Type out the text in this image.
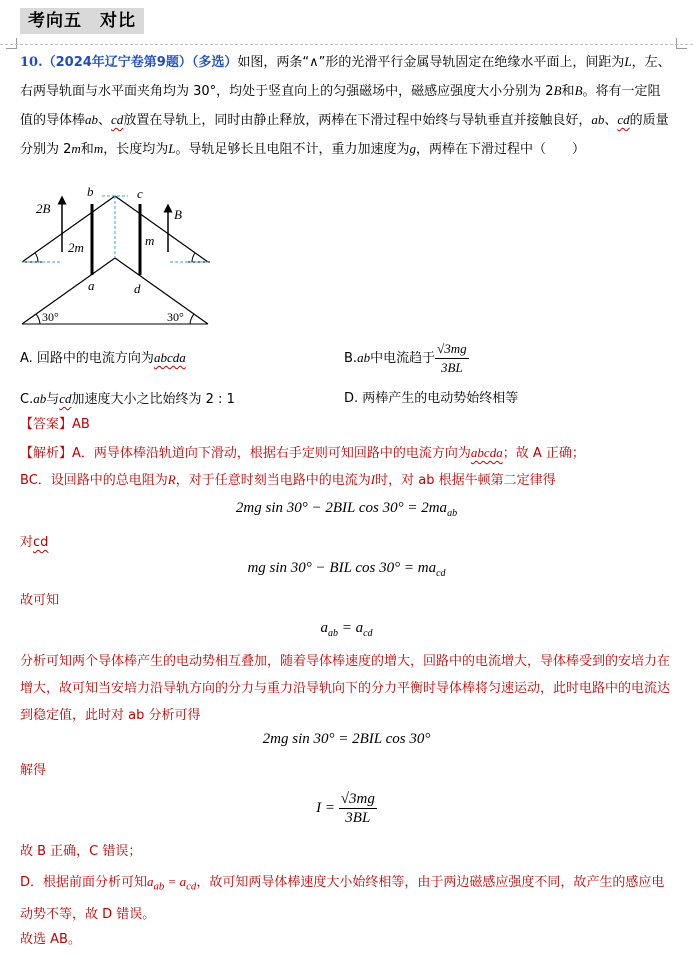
考向五　对比
10.（2024年辽宁卷第9题）（多选）如图，两条“∧”形的光滑平行金属导轨固定在绝缘水平面上，间距为L，左、右两导轨面与水平面夹角均为 30°，均处于竖直向上的匀强磁场中，磁感应强度大小分别为 2B和B。将有一定阻值的导体棒ab、cd放置在导轨上，同时由静止释放，两棒在下滑过程中始终与导轨垂直并接触良好，ab、cd的质量分别为 2m和m，长度均为L。导轨足够长且电阻不计，重力加速度为g，两棒在下滑过程中（　　）
2B	B
b	c
a	d
2m	m
30°	30°
A. 回路中的电流方向为abcda	B.ab中电流趋于 $\frac{√3mg}{3BL}$
C.ab与cd加速度大小之比始终为 2 : 1	D. 两棒产生的电动势始终相等
【答案】AB
【解析】A．两导体棒沿轨道向下滑动，根据右手定则可知回路中的电流方向为abcda；故 A 正确；
BC．设回路中的总电阻为R，对于任意时刻当电路中的电流为I时，对 ab 根据牛顿第二定律得
2mg sin 30° − 2BIL $\cos 30^\circ = 2ma_{ab}$
对cd
mg sin 30° − BIL $\cos 30^\circ = ma_{cd}$
故可知
$a_{ab} = a_{cd}$
分析可知两个导体棒产生的电动势相互叠加，随着导体棒速度的增大，回路中的电流增大，导体棒受到的安培力在增大，故可知当安培力沿导轨方向的分力与重力沿导轨向下的分力平衡时导体棒将匀速运动，此时电路中的电流达到稳定值，此时对 ab 分析可得
2mg sin 30° = 2BIL cos 30°
解得
$I = \frac{√3mg}{3BL}$
故 B 正确，C 错误；
D．根据前面分析可知$a_{ab} = a_{cd}$，故可知两导体棒速度大小始终相等，由于两边磁感应强度不同，故产生的感应电动势不等，故 D 错误。
故选 AB。
